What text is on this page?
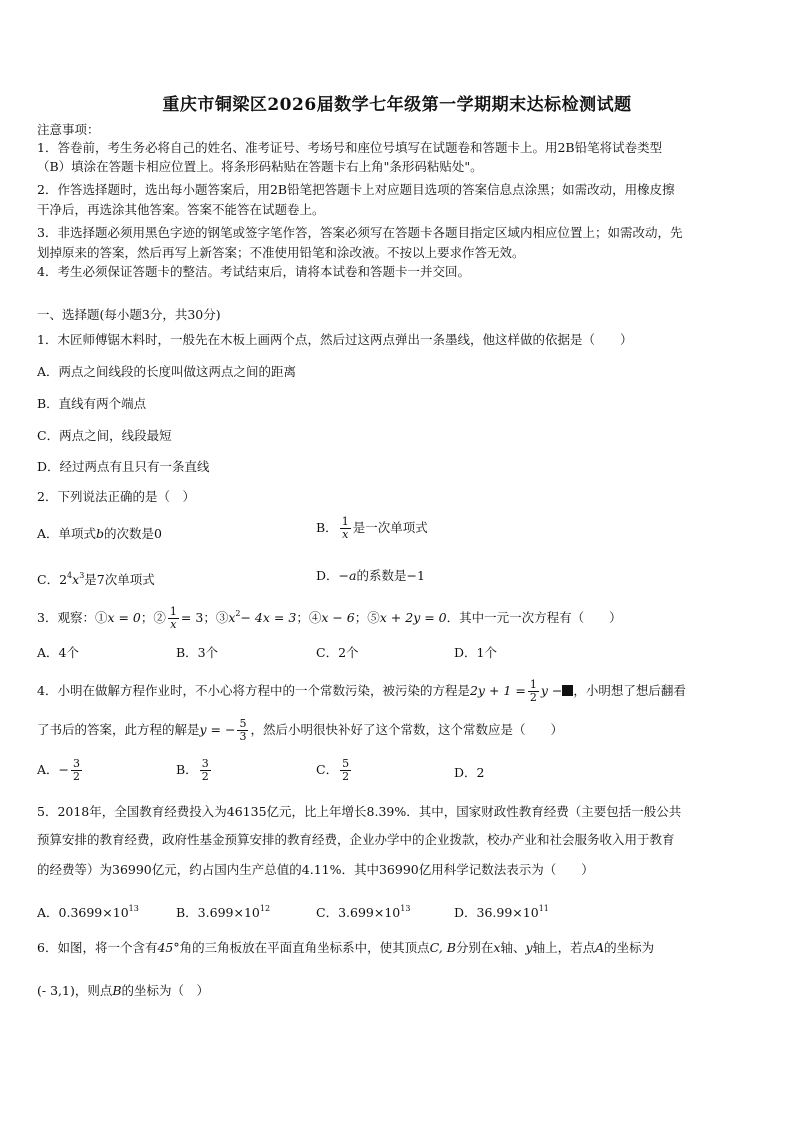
重庆市铜梁区2026届数学七年级第一学期期末达标检测试题
注意事项：
1．答卷前，考生务必将自己的姓名、准考证号、考场号和座位号填写在试题卷和答题卡上。用2B铅笔将试卷类型
（B）填涂在答题卡相应位置上。将条形码粘贴在答题卡右上角"条形码粘贴处"。
2．作答选择题时，选出每小题答案后，用2B铅笔把答题卡上对应题目选项的答案信息点涂黑；如需改动，用橡皮擦
干净后，再选涂其他答案。答案不能答在试题卷上。
3．非选择题必须用黑色字迹的钢笔或签字笔作答，答案必须写在答题卡各题目指定区域内相应位置上；如需改动，先
划掉原来的答案，然后再写上新答案；不准使用铅笔和涂改液。不按以上要求作答无效。
4．考生必须保证答题卡的整洁。考试结束后，请将本试卷和答题卡一并交回。
一、选择题(每小题3分，共30分)
1．木匠师傅锯木料时，一般先在木板上画两个点，然后过这两点弹出一条墨线，他这样做的依据是（　　）
A．两点之间线段的长度叫做这两点之间的距离
B．直线有两个端点
C．两点之间，线段最短
D．经过两点有且只有一条直线
2．下列说法正确的是（　）
A．单项式b的次数是0	B． $\frac{1}{x}$ 是一次单项式
C．$2^4x^3$是7次单项式	D．−a的系数是−1
3．观察：①x = 0；② $\frac{1}{x} = 3$；$③x^2- 4x = 3$；④x − 6；⑤x + 2y = 0．其中一元一次方程有（　　）
A．4个	B．3个	C．2个	D．1个
4．小明在做解方程作业时，不小心将方程中的一个常数污染，被污染的方程是$2y + 1 = \frac{1}{2}$ y − ，小明想了想后翻看
了书后的答案，此方程的解是y = − $\frac{5}{3}$ ，然后小明很快补好了这个常数，这个常数应是（　　）
A．− $\frac{3}{2}$	B． $\frac{3}{2}$	C． $\frac{5}{2}$	D．2
5．2018年，全国教育经费投入为46135亿元，比上年增长8.39%．其中，国家财政性教育经费（主要包括一般公共
预算安排的教育经费，政府性基金预算安排的教育经费，企业办学中的企业拨款，校办产业和社会服务收入用于教育
的经费等）为36990亿元，约占国内生产总值的4.11%．其中36990亿用科学记数法表示为（　　）
A．$0.3699\times 10^{13}$	B．$3.699\times 10^{12}$	C．$3.699\times 10^{13}$	D．$36.99\times 10^{11}$
6．如图，将一个含有45°角的三角板放在平面直角坐标系中，使其顶点C, B分别在x轴、y轴上，若点A的坐标为
(- 3,1)，则点B的坐标为（　）
